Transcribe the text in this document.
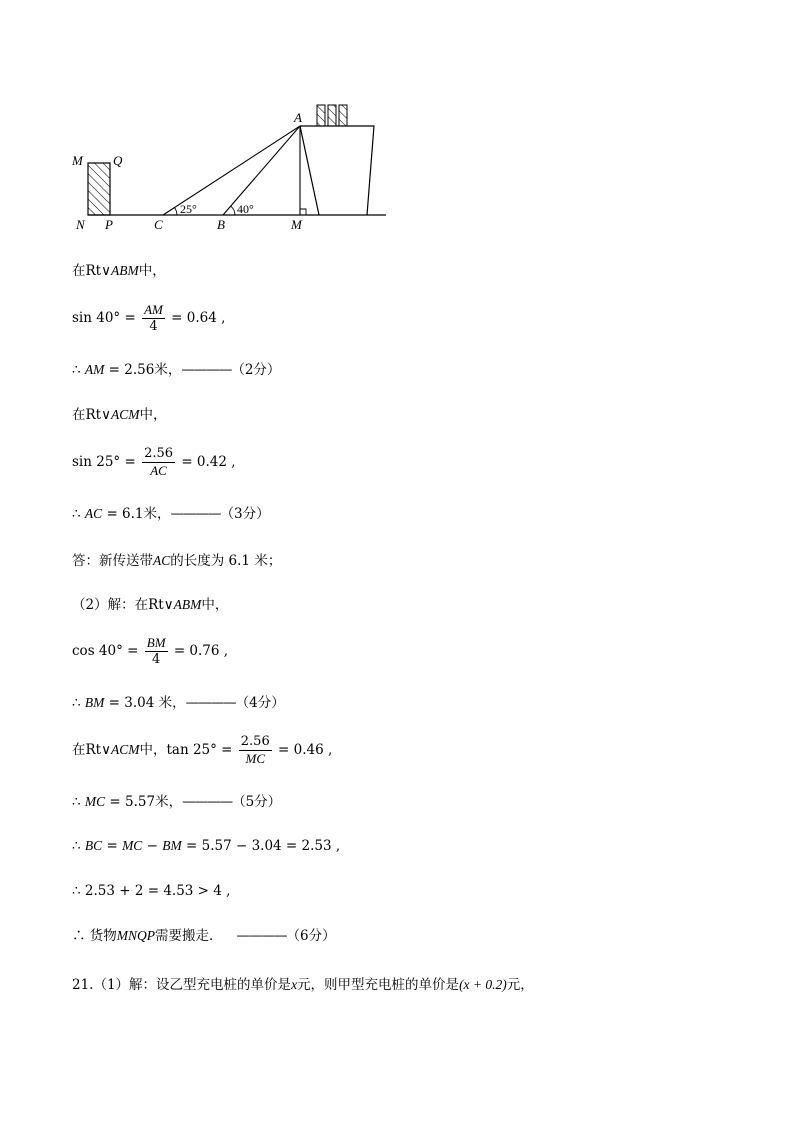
M Q
N P	C	B	M
A
25°	40°
在Rt∨ABM中，
$\sin 40^\circ = \frac{AM}{4} = 0.64$ ,
∴ AM = 2.56米，————（2分）
在Rt∨ACM中，
$\sin 25^\circ = \frac{2.56}{AC} = 0.42$ ,
∴ AC = 6.1米，————（3分）
答：新传送带AC的长度为 6.1 米；
（2）解：在Rt∨ABM中，
$\cos 40^\circ = \frac{BM}{4} = 0.76$ ,
∴ BM = 3.04 米，————（4分）
在Rt∨ACM中，$\tan 25^\circ = \frac{2.56}{MC} = 0.46$ ,
∴ MC = 5.57米，————（5分）
∴ BC = MC − BM = 5.57 − 3.04 = 2.53 ,
∴ 2.53 + 2 = 4.53 > 4 ,
∴ 货物MNQP需要搬走． ————（6分）
21.（1）解：设乙型充电桩的单价是x元，则甲型充电桩的单价是(x + 0.2)元，
